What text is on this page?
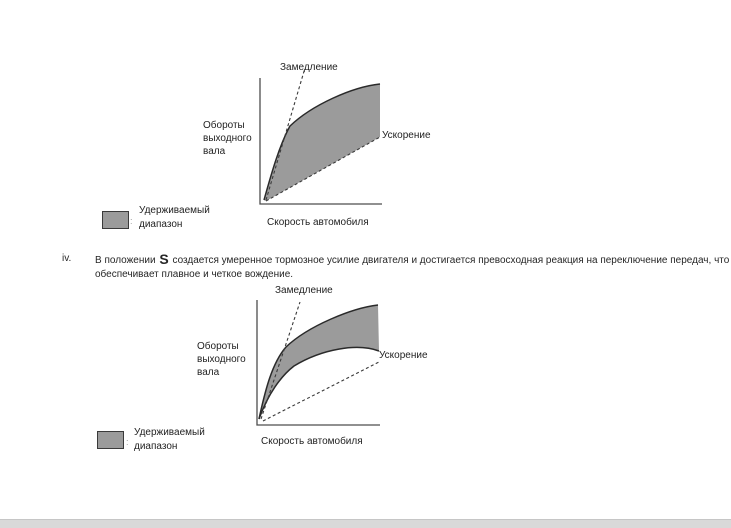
Замедление
Ускорение
Обороты
выходного
вала
Скорость автомобиля
:
Удерживаемый
диапазон
iv. В положении S создается умеренное тормозное усилие двигателя и достигается превосходная реакция на переключение передач, что
обеспечивает плавное и четкое вождение.
Замедление
Ускорение
Обороты
выходного
вала
Скорость автомобиля
:
Удерживаемый
диапазон
